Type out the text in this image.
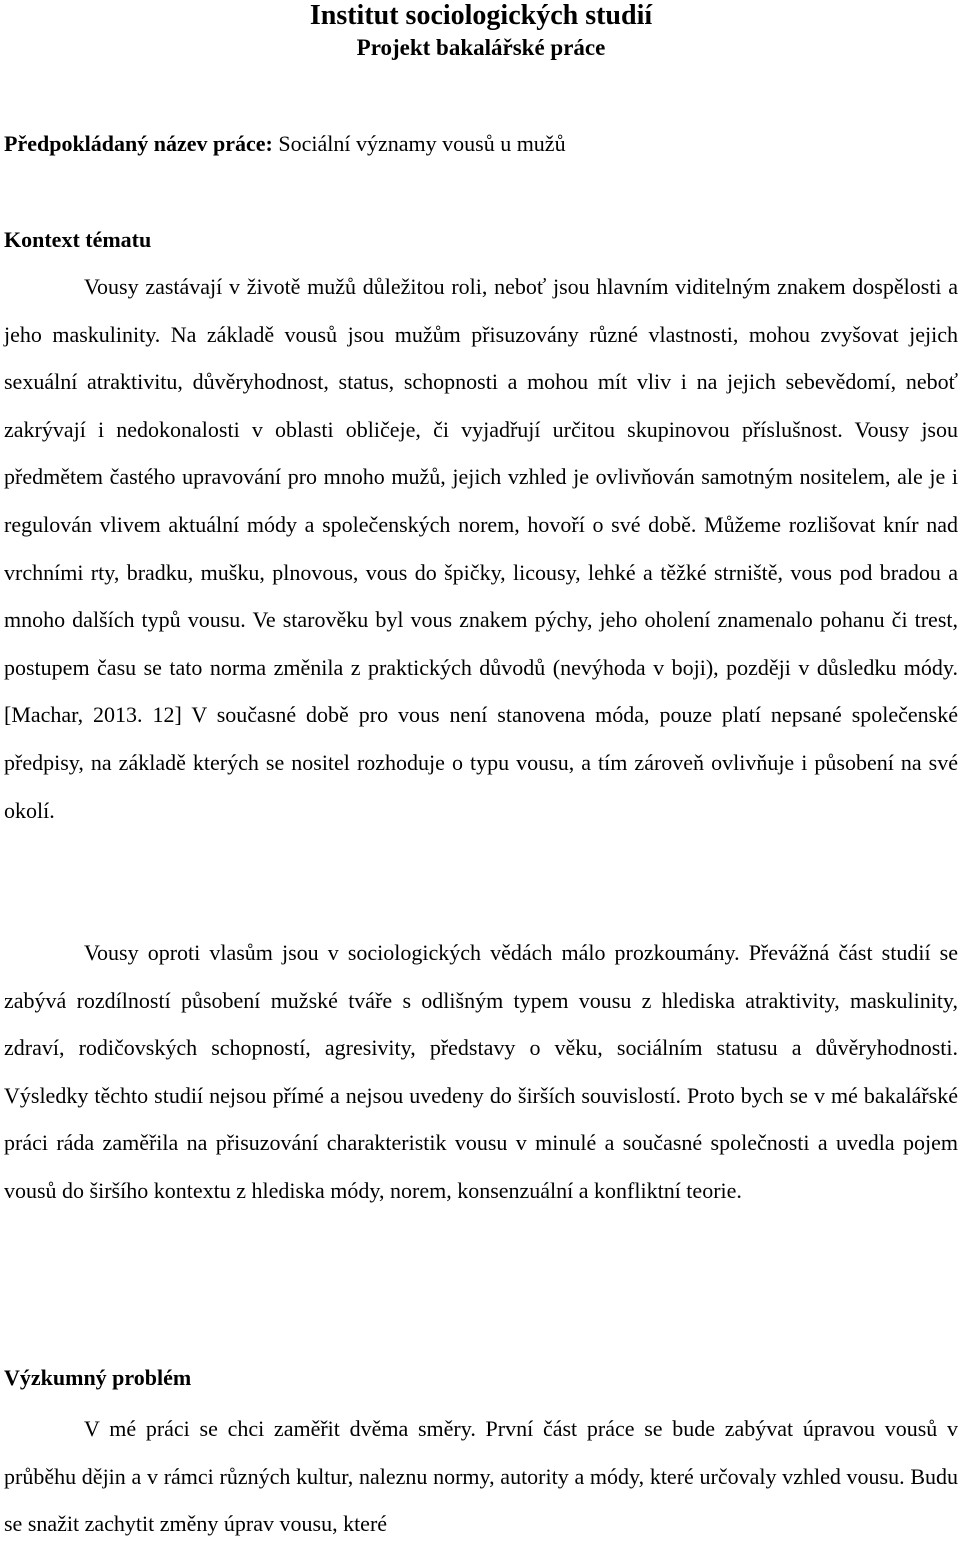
Institut sociologických studií
Projekt bakalářské práce
Předpokládaný název práce: Sociální významy vousů u mužů
Kontext tématu

Vousy zastávají v životě mužů důležitou roli, neboť jsou hlavním viditelným znakem dospělosti a jeho maskulinity. Na základě vousů jsou mužům přisuzovány různé vlastnosti, mohou zvyšovat jejich sexuální atraktivitu, důvěryhodnost, status, schopnosti a mohou mít vliv i na jejich sebevědomí, neboť zakrývají i nedokonalosti v oblasti obličeje, či vyjadřují určitou skupinovou příslušnost. Vousy jsou předmětem častého upravování pro mnoho mužů, jejich vzhled je ovlivňován samotným nositelem, ale je i regulován vlivem aktuální módy a společenských norem, hovoří o své době. Můžeme rozlišovat knír nad vrchními rty, bradku, mušku, plnovous, vous do špičky, licousy, lehké a těžké strniště, vous pod bradou a mnoho dalších typů vousu. Ve starověku byl vous znakem pýchy, jeho oholení znamenalo pohanu či trest, postupem času se tato norma změnila z praktických důvodů (nevýhoda v boji), později v důsledku módy. [Machar, 2013. 12] V současné době pro vous není stanovena móda, pouze platí nepsané společenské předpisy, na základě kterých se nositel rozhoduje o typu vousu, a tím zároveň ovlivňuje i působení na své okolí.

Vousy oproti vlasům jsou v sociologických vědách málo prozkoumány. Převážná část studií se zabývá rozdílností působení mužské tváře s odlišným typem vousu z hlediska atraktivity, maskulinity, zdraví, rodičovských schopností, agresivity, představy o věku, sociálním statusu a důvěryhodnosti. Výsledky těchto studií nejsou přímé a nejsou uvedeny do širších souvislostí. Proto bych se v mé bakalářské práci ráda zaměřila na přisuzování charakteristik vousu v minulé a současné společnosti a uvedla pojem vousů do širšího kontextu z hlediska módy, norem, konsenzuální a konfliktní teorie.

Výzkumný problém

V mé práci se chci zaměřit dvěma směry. První část práce se bude zabývat úpravou vousů v průběhu dějin a v rámci různých kultur, naleznu normy, autority a módy, které určovaly vzhled vousu. Budu se snažit zachytit změny úprav vousu, které
